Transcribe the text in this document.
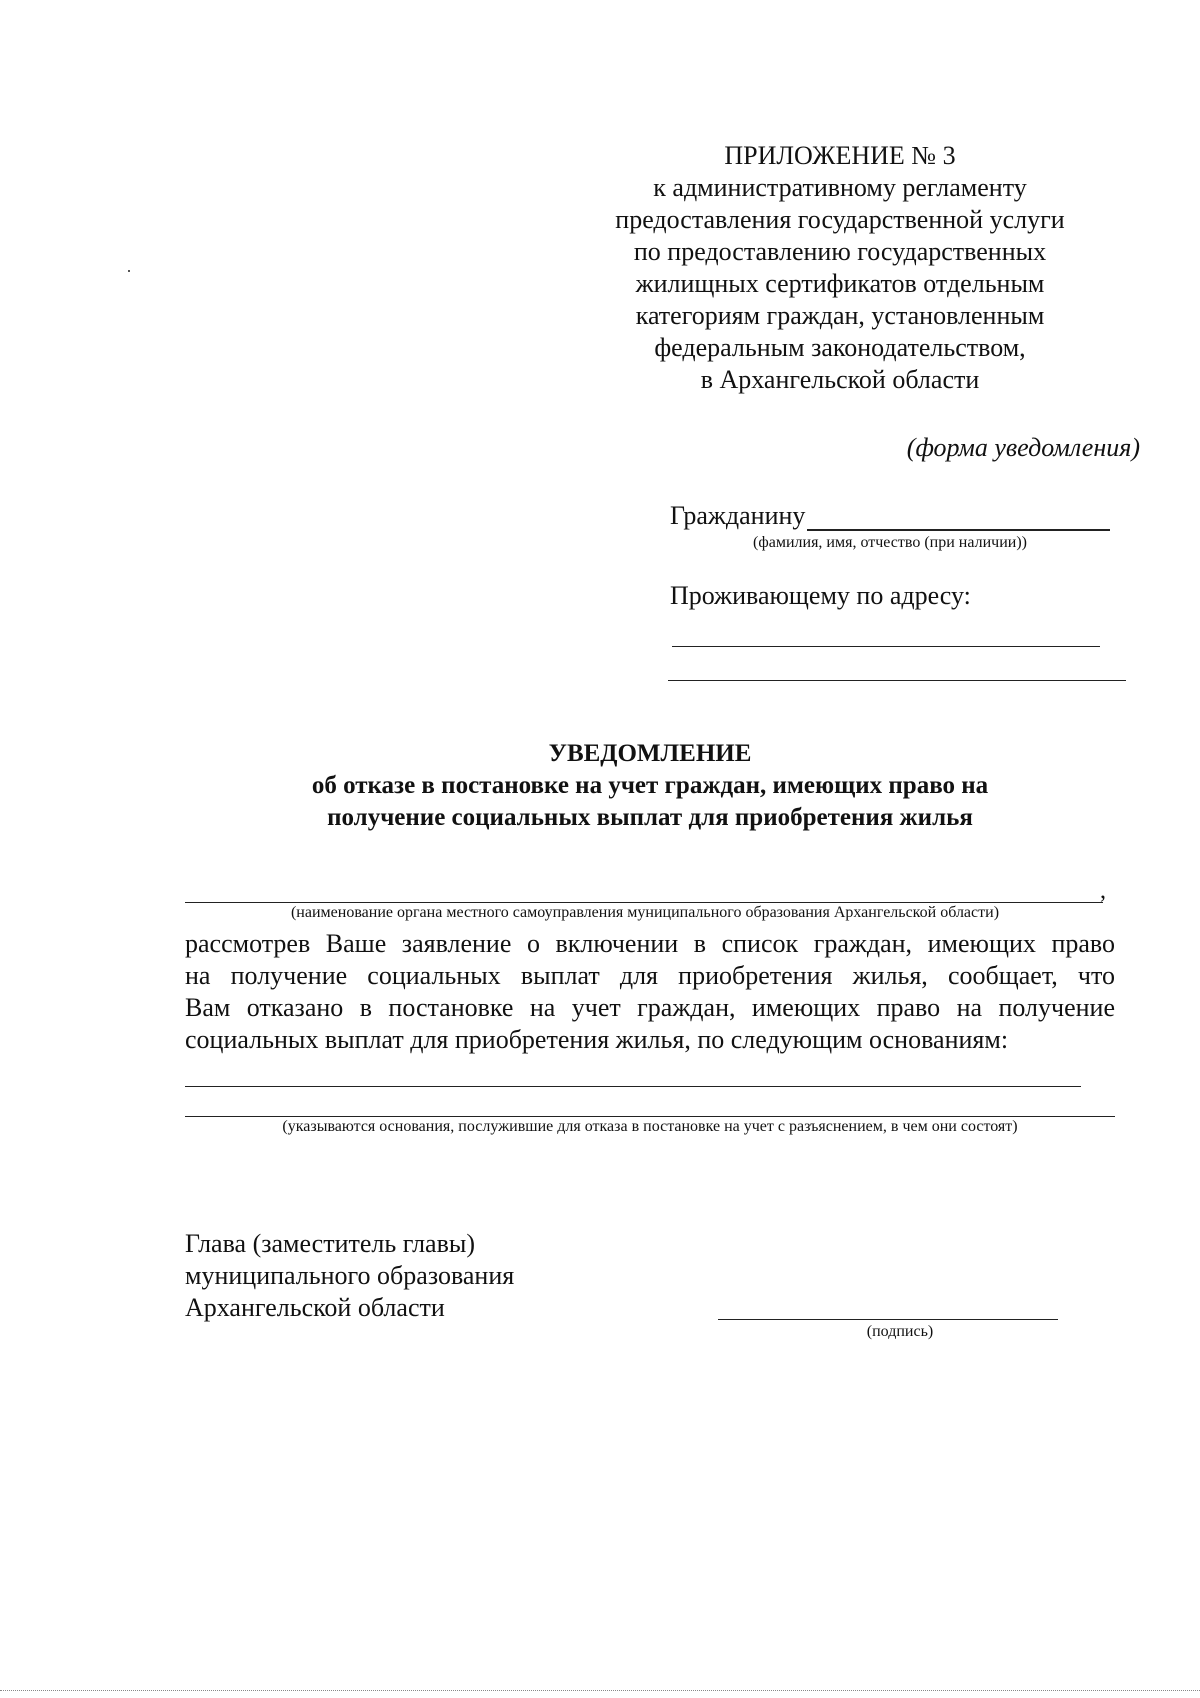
ПРИЛОЖЕНИЕ № 3
к административному регламенту
предоставления государственной услуги
по предоставлению государственных
жилищных сертификатов отдельным
категориям граждан, установленным
федеральным законодательством,
в Архангельской области
(форма уведомления)
Гражданину
(фамилия, имя, отчество (при наличии))
Проживающему по адресу:
УВЕДОМЛЕНИЕ
об отказе в постановке на учет граждан, имеющих право на
получение социальных выплат для приобретения жилья
,
(наименование органа местного самоуправления муниципального образования Архангельской области)
рассмотрев Ваше заявление о включении в список граждан, имеющих право
на получение социальных выплат для приобретения жилья, сообщает, что
Вам отказано в постановке на учет граждан, имеющих право на получение
социальных выплат для приобретения жилья, по следующим основаниям:
(указываются основания, послужившие для отказа в постановке на учет с разъяснением, в чем они состоят)
Глава (заместитель главы)
муниципального образования
Архангельской области
(подпись)
